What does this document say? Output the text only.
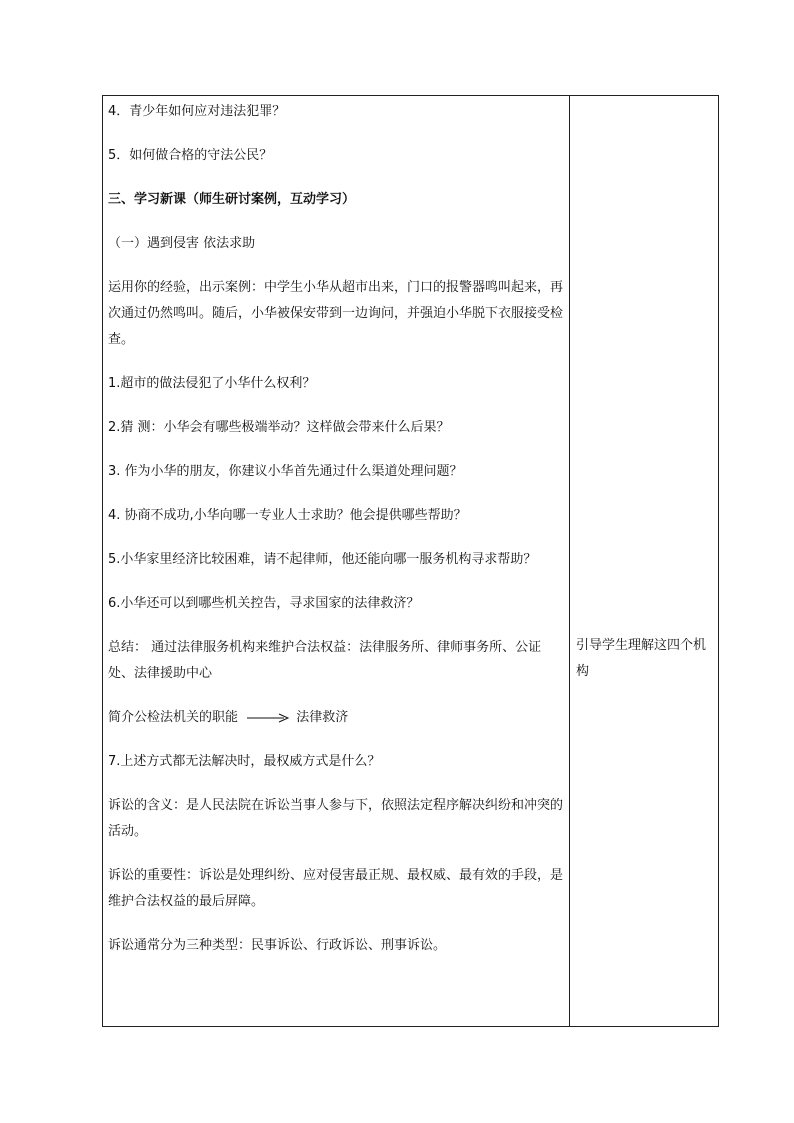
4．青少年如何应对违法犯罪？

5．如何做合格的守法公民？

三、学习新课（师生研讨案例，互动学习）

（一）遇到侵害 依法求助

运用你的经验，出示案例：中学生小华从超市出来，门口的报警器鸣叫起来，再次通过仍然鸣叫。随后，小华被保安带到一边询问，并强迫小华脱下衣服接受检查。

1.超市的做法侵犯了小华什么权利？

2.猜 测：小华会有哪些极端举动？这样做会带来什么后果？

3. 作为小华的朋友，你建议小华首先通过什么渠道处理问题？

4. 协商不成功,小华向哪一专业人士求助？他会提供哪些帮助？

5.小华家里经济比较困难，请不起律师，他还能向哪一服务机构寻求帮助？

6.小华还可以到哪些机关控告，寻求国家的法律救济？

总结： 通过法律服务机构来维护合法权益：法律服务所、律师事务所、公证处、法律援助中心

简介公检法机关的职能	法律救济

7.上述方式都无法解决时，最权威方式是什么？

诉讼的含义：是人民法院在诉讼当事人参与下，依照法定程序解决纠纷和冲突的活动。

诉讼的重要性：诉讼是处理纠纷、应对侵害最正规、最权威、最有效的手段，是维护合法权益的最后屏障。

诉讼通常分为三种类型：民事诉讼、行政诉讼、刑事诉讼。

引导学生理解这四个机构
